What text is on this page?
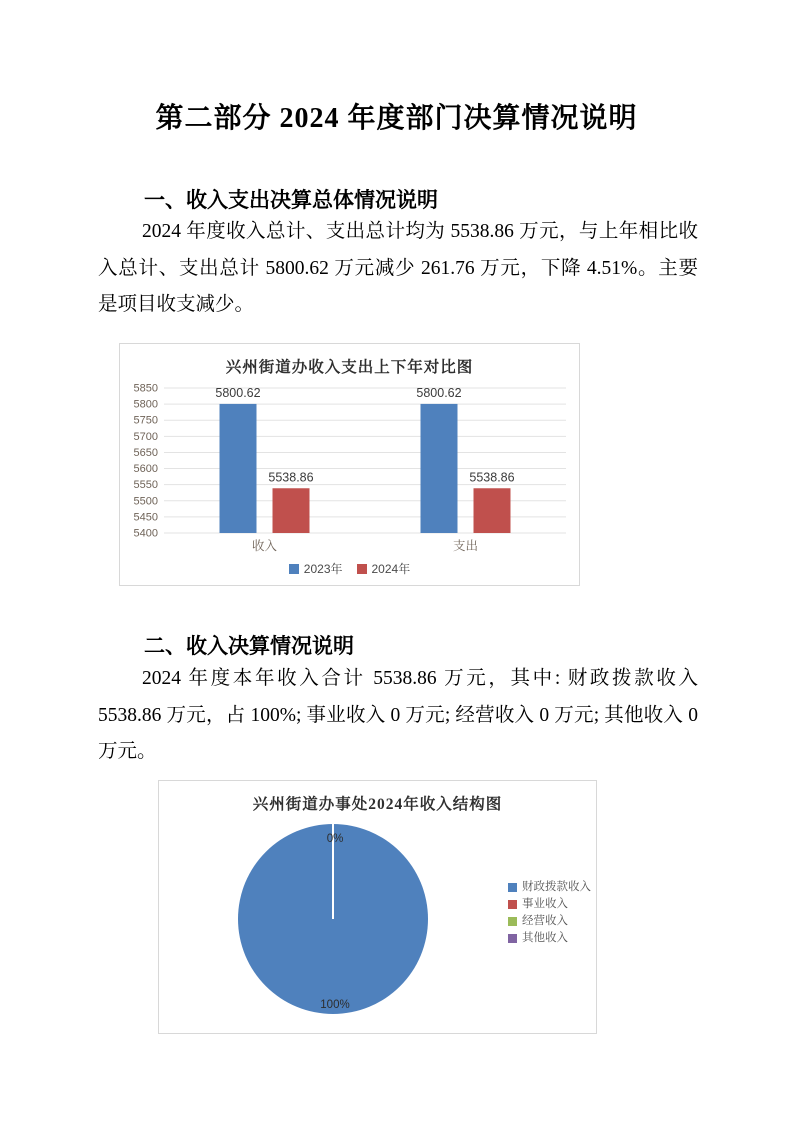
第二部分 2024 年度部门决算情况说明
一、收入支出决算总体情况说明

2024 年度收入总计、支出总计均为 5538.86 万元，与上年相比收入总计、支出总计 5800.62 万元减少 261.76 万元，下降 4.51%。主要是项目收支减少。

兴州街道办收入支出上下年对比图
5400
5450
5500
5550
5600
5650
5700
5750
5800
5850
收入
5800.62
5538.86
支出
5800.62
5538.86
2023年 2024年
二、收入决算情况说明

2024 年度本年收入合计 5538.86 万元，其中: 财政拨款收入 5538.86 万元，占 100%; 事业收入 0 万元; 经营收入 0 万元; 其他收入 0 万元。

兴州街道办事处2024年收入结构图
0%
100%
财政拨款收入
事业收入
经营收入
其他收入
